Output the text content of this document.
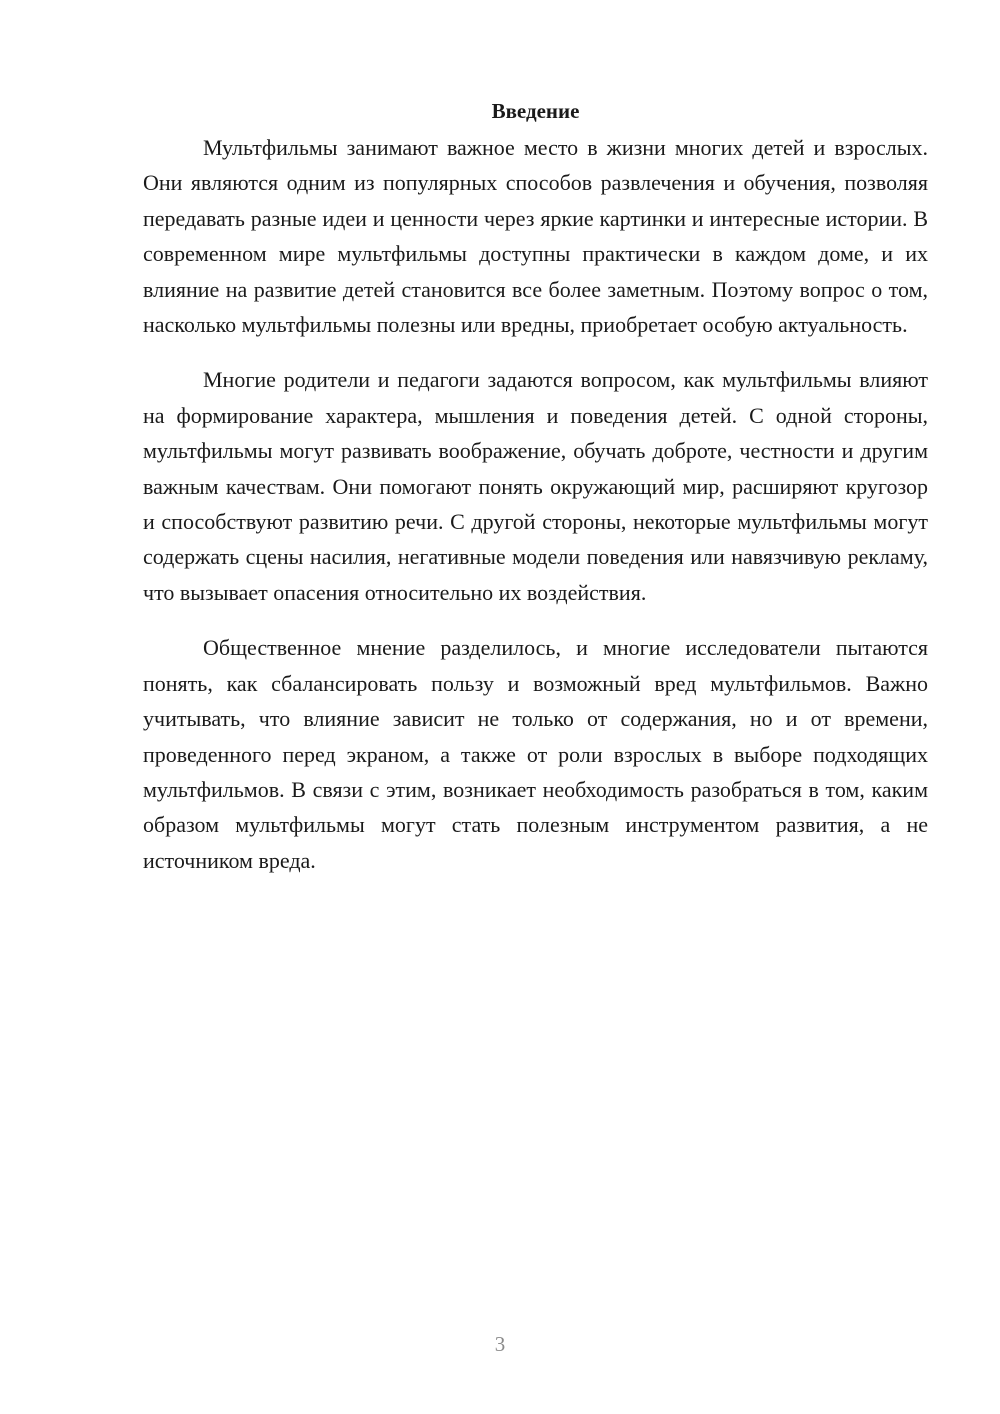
Введение

Мультфильмы занимают важное место в жизни многих детей и взрослых. Они являются одним из популярных способов развлечения и обучения, позволяя передавать разные идеи и ценности через яркие картинки и интересные истории. В современном мире мультфильмы доступны практически в каждом доме, и их влияние на развитие детей становится все более заметным. Поэтому вопрос о том, насколько мультфильмы полезны или вредны, приобретает особую актуальность.

Многие родители и педагоги задаются вопросом, как мультфильмы влияют на формирование характера, мышления и поведения детей. С одной стороны, мультфильмы могут развивать воображение, обучать доброте, честности и другим важным качествам. Они помогают понять окружающий мир, расширяют кругозор и способствуют развитию речи. С другой стороны, некоторые мультфильмы могут содержать сцены насилия, негативные модели поведения или навязчивую рекламу, что вызывает опасения относительно их воздействия.

Общественное мнение разделилось, и многие исследователи пытаются понять, как сбалансировать пользу и возможный вред мультфильмов. Важно учитывать, что влияние зависит не только от содержания, но и от времени, проведенного перед экраном, а также от роли взрослых в выборе подходящих мультфильмов. В связи с этим, возникает необходимость разобраться в том, каким образом мультфильмы могут стать полезным инструментом развития, а не источником вреда.

3
